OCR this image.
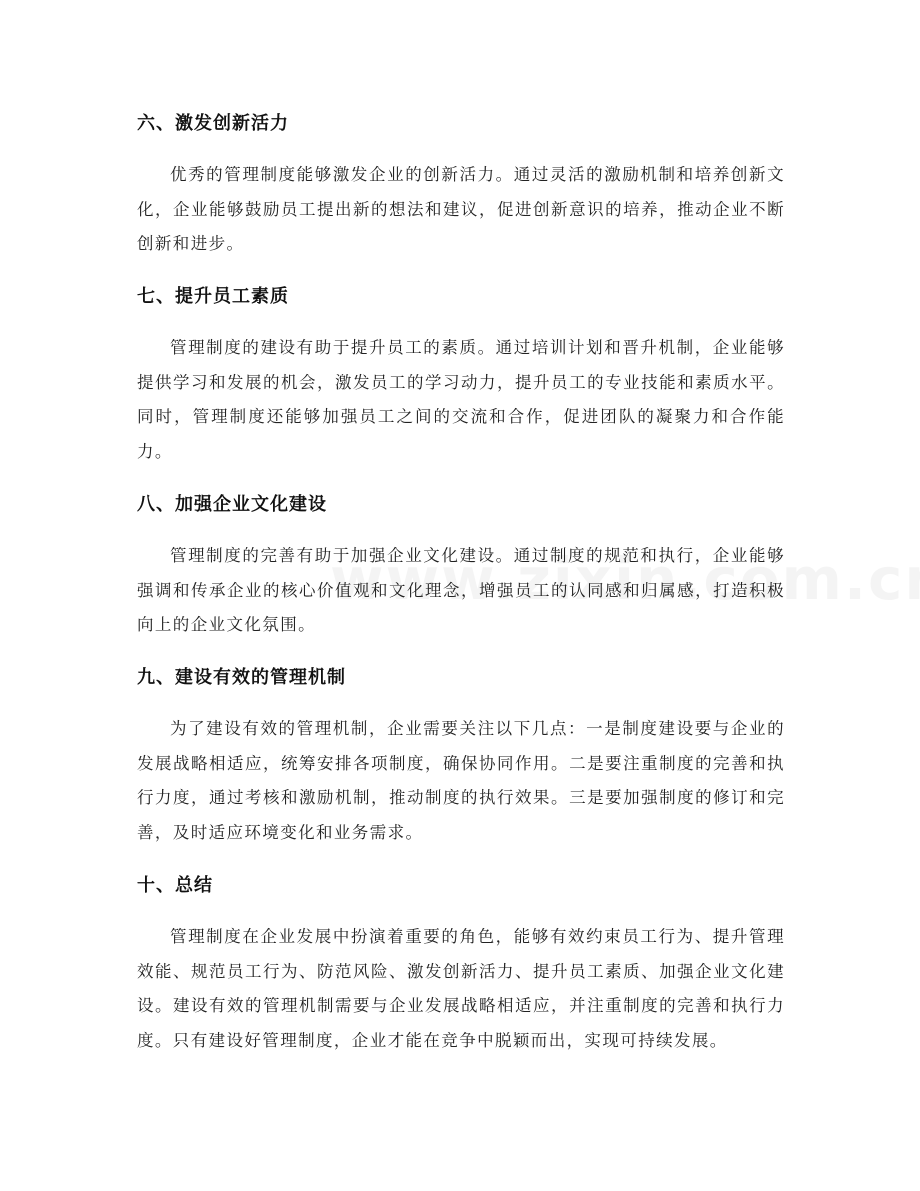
六、激发创新活力

优秀的管理制度能够激发企业的创新活力。通过灵活的激励机制和培养创新文化，企业能够鼓励员工提出新的想法和建议，促进创新意识的培养，推动企业不断创新和进步。

七、提升员工素质

管理制度的建设有助于提升员工的素质。通过培训计划和晋升机制，企业能够提供学习和发展的机会，激发员工的学习动力，提升员工的专业技能和素质水平。同时，管理制度还能够加强员工之间的交流和合作，促进团队的凝聚力和合作能力。

八、加强企业文化建设

管理制度的完善有助于加强企业文化建设。通过制度的规范和执行，企业能够强调和传承企业的核心价值观和文化理念，增强员工的认同感和归属感，打造积极向上的企业文化氛围。

九、建设有效的管理机制

为了建设有效的管理机制，企业需要关注以下几点：一是制度建设要与企业的发展战略相适应，统筹安排各项制度，确保协同作用。二是要注重制度的完善和执行力度，通过考核和激励机制，推动制度的执行效果。三是要加强制度的修订和完善，及时适应环境变化和业务需求。

十、总结

管理制度在企业发展中扮演着重要的角色，能够有效约束员工行为、提升管理效能、规范员工行为、防范风险、激发创新活力、提升员工素质、加强企业文化建设。建设有效的管理机制需要与企业发展战略相适应，并注重制度的完善和执行力度。只有建设好管理制度，企业才能在竞争中脱颖而出，实现可持续发展。
